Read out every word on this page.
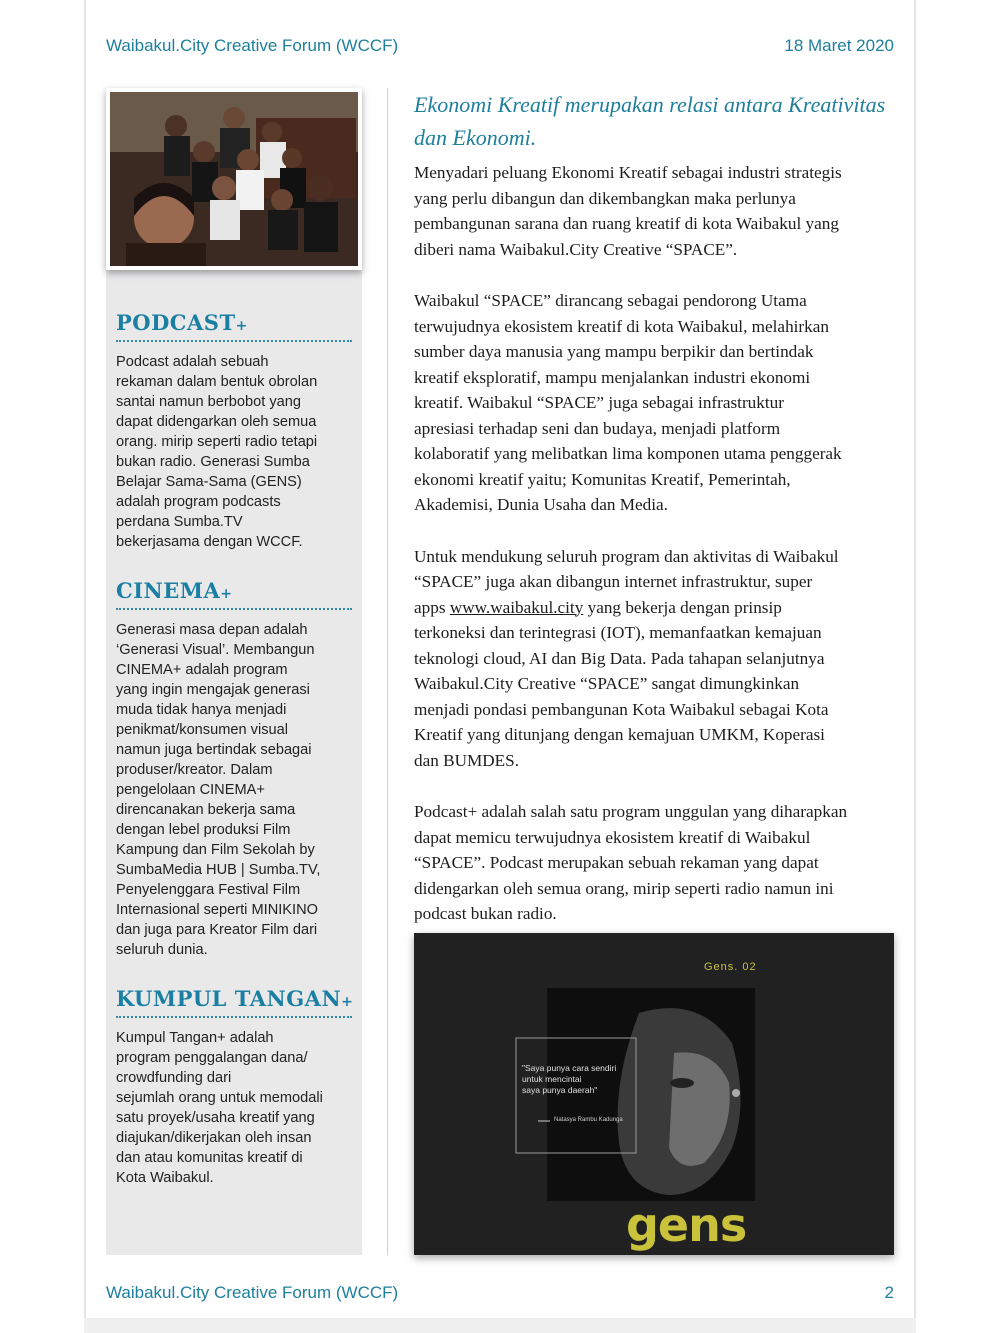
Waibakul.City Creative Forum (WCCF)	18 Maret 2020
PODCAST+
Podcast adalah sebuah
rekaman dalam bentuk obrolan
santai namun berbobot yang
dapat didengarkan oleh semua
orang. mirip seperti radio tetapi
bukan radio. Generasi Sumba
Belajar Sama-Sama (GENS)
adalah program podcasts
perdana Sumba.TV
bekerjasama dengan WCCF.
CINEMA+
Generasi masa depan adalah
‘Generasi Visual’. Membangun
CINEMA+ adalah program
yang ingin mengajak generasi
muda tidak hanya menjadi
penikmat/konsumen visual
namun juga bertindak sebagai
produser/kreator. Dalam
pengelolaan CINEMA+
direncanakan bekerja sama
dengan lebel produksi Film
Kampung dan Film Sekolah by
SumbaMedia HUB | Sumba.TV,
Penyelenggara Festival Film
Internasional seperti MINIKINO
dan juga para Kreator Film dari
seluruh dunia.
KUMPUL TANGAN+
Kumpul Tangan+ adalah
program penggalangan dana/
crowdfunding dari
sejumlah orang untuk memodali
satu proyek/usaha kreatif yang
diajukan/dikerjakan oleh insan
dan atau komunitas kreatif di
Kota Waibakul.
Ekonomi Kreatif merupakan relasi antara Kreativitas
dan Ekonomi.
Menyadari peluang Ekonomi Kreatif sebagai industri strategis
yang perlu dibangun dan dikembangkan maka perlunya
pembangunan sarana dan ruang kreatif di kota Waibakul yang
diberi nama Waibakul.City Creative “SPACE”.
Waibakul “SPACE” dirancang sebagai pendorong Utama
terwujudnya ekosistem kreatif di kota Waibakul, melahirkan
sumber daya manusia yang mampu berpikir dan bertindak
kreatif eksploratif, mampu menjalankan industri ekonomi
kreatif. Waibakul “SPACE” juga sebagai infrastruktur
apresiasi terhadap seni dan budaya, menjadi platform
kolaboratif yang melibatkan lima komponen utama penggerak
ekonomi kreatif yaitu; Komunitas Kreatif, Pemerintah,
Akademisi, Dunia Usaha dan Media.
Untuk mendukung seluruh program dan aktivitas di Waibakul
“SPACE” juga akan dibangun internet infrastruktur, super
apps www.waibakul.city yang bekerja dengan prinsip
terkoneksi dan terintegrasi (IOT), memanfaatkan kemajuan
teknologi cloud, AI dan Big Data. Pada tahapan selanjutnya
Waibakul.City Creative “SPACE” sangat dimungkinkan
menjadi pondasi pembangunan Kota Waibakul sebagai Kota
Kreatif yang ditunjang dengan kemajuan UMKM, Koperasi
dan BUMDES.
Podcast+ adalah salah satu program unggulan yang diharapkan
dapat memicu terwujudnya ekosistem kreatif di Waibakul
“SPACE”. Podcast merupakan sebuah rekaman yang dapat
didengarkan oleh semua orang, mirip seperti radio namun ini
podcast bukan radio.
Gens. 02
"Saya punya cara sendiri
untuk mencintai
saya punya daerah"
Natasya Rambu Kadunga
gens
Waibakul.City Creative Forum (WCCF)	2
